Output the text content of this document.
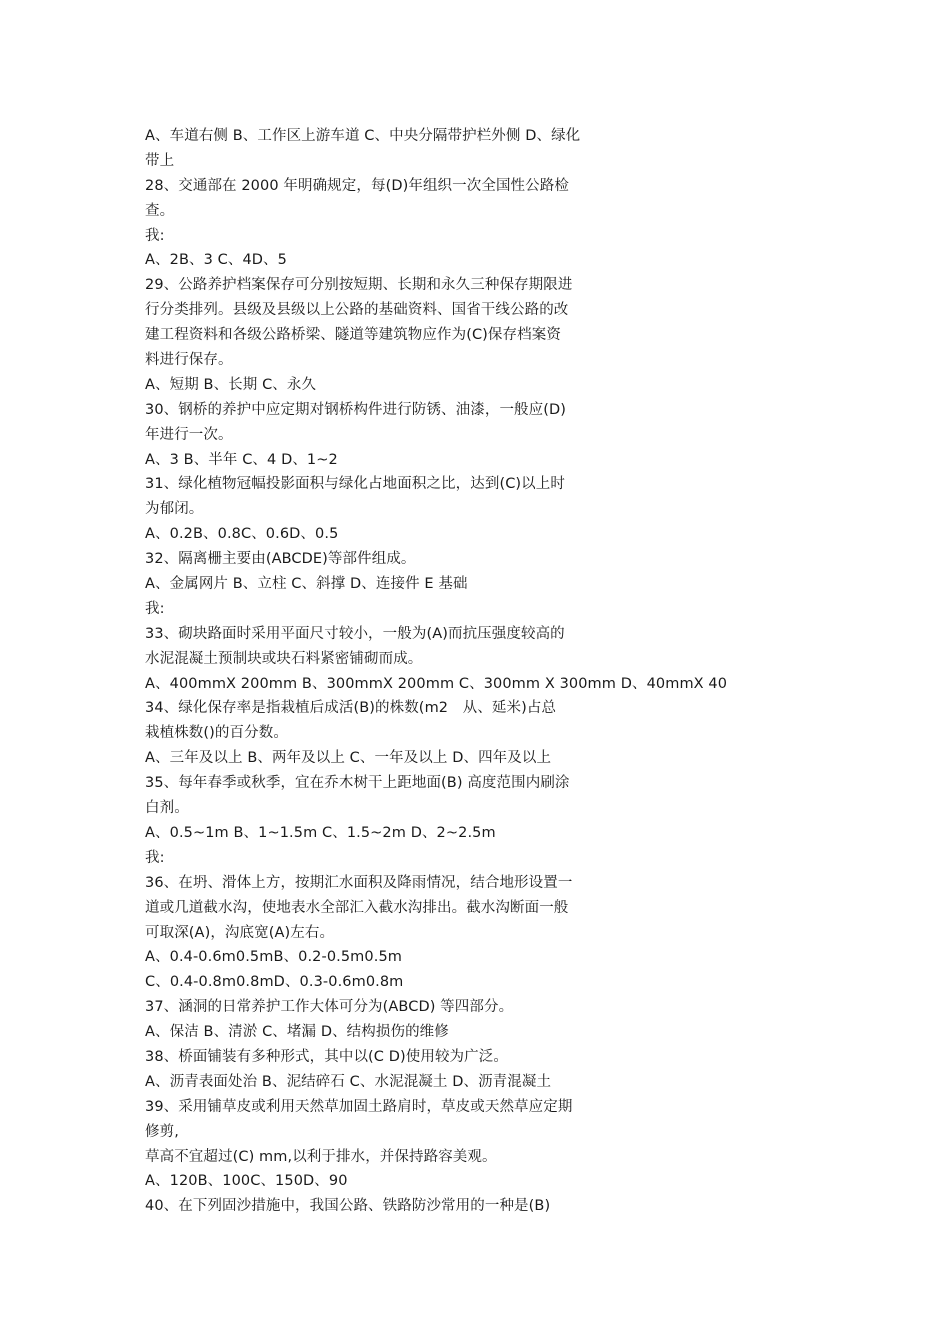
A、车道右侧 B、工作区上游车道 C、中央分隔带护栏外侧 D、绿化
带上
28、交通部在 2000 年明确规定，每(D)年组织一次全国性公路检
查。
我:
A、2B、3 C、4D、5
29、公路养护档案保存可分别按短期、长期和永久三种保存期限进
行分类排列。县级及县级以上公路的基础资料、国省干线公路的改
建工程资料和各级公路桥梁、隧道等建筑物应作为(C)保存档案资
料进行保存。
A、短期 B、长期 C、永久
30、钢桥的养护中应定期对钢桥构件进行防锈、油漆，一般应(D)
年进行一次。
A、3 B、半年 C、4 D、1~2
31、绿化植物冠幅投影面积与绿化占地面积之比，达到(C)以上时
为郁闭。
A、0.2B、0.8C、0.6D、0.5
32、隔离栅主要由(ABCDE)等部件组成。
A、金属网片 B、立柱 C、斜撑 D、连接件 E 基础
我:
33、砌块路面时采用平面尺寸较小，一般为(A)而抗压强度较高的
水泥混凝土预制块或块石料紧密铺砌而成。
A、400mmX 200mm B、300mmX 200mm C、300mm X 300mm D、40mmX 40
34、绿化保存率是指栽植后成活(B)的株数(m2　从、延米)占总
栽植株数()的百分数。
A、三年及以上 B、两年及以上 C、一年及以上 D、四年及以上
35、每年春季或秋季，宜在乔木树干上距地面(B) 高度范围内刷涂
白剂。
A、0.5~1m B、1~1.5m C、1.5~2m D、2~2.5m
我:
36、在坍、滑体上方，按期汇水面积及降雨情况，结合地形设置一
道或几道截水沟，使地表水全部汇入截水沟排出。截水沟断面一般
可取深(A)，沟底宽(A)左右。
A、0.4-0.6m0.5mB、0.2-0.5m0.5m
C、0.4-0.8m0.8mD、0.3-0.6m0.8m
37、涵洞的日常养护工作大体可分为(ABCD) 等四部分。
A、保洁 B、清淤 C、堵漏 D、结构损伤的维修
38、桥面铺装有多种形式，其中以(C D)使用较为广泛。
A、沥青表面处治 B、泥结碎石 C、水泥混凝土 D、沥青混凝土
39、采用铺草皮或利用天然草加固土路肩时，草皮或天然草应定期
修剪,
草高不宜超过(C) mm,以利于排水，并保持路容美观。
A、120B、100C、150D、90
40、在下列固沙措施中，我国公路、铁路防沙常用的一种是(B)
